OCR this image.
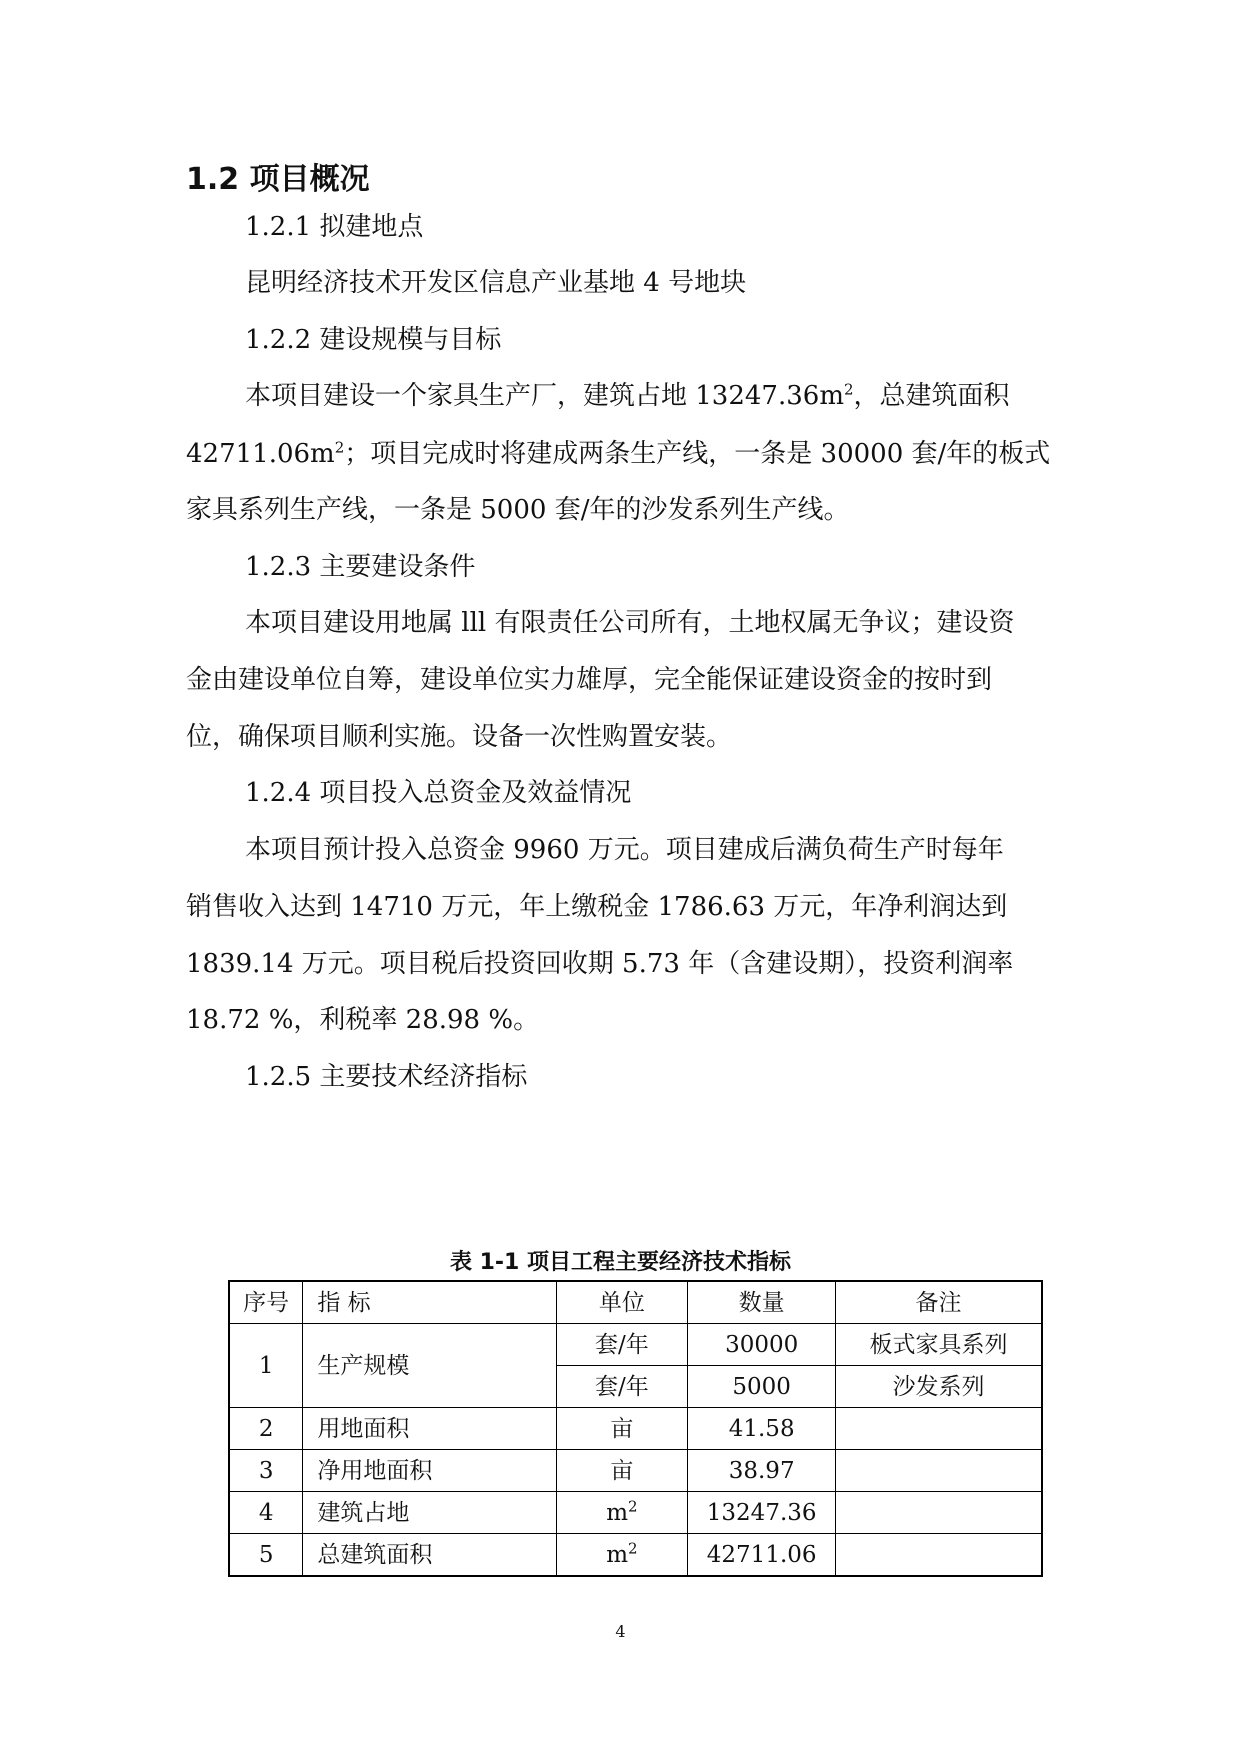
1.2 项目概况

1.2.1 拟建地点

昆明经济技术开发区信息产业基地 4 号地块

1.2.2 建设规模与目标

本项目建设一个家具生产厂，建筑占地 $13247.36m^2$，总建筑面积

$42711.06m^2$；项目完成时将建成两条生产线，一条是 30000 套/年的板式

家具系列生产线，一条是 5000 套/年的沙发系列生产线。

1.2.3 主要建设条件

本项目建设用地属 lll 有限责任公司所有，土地权属无争议；建设资

金由建设单位自筹，建设单位实力雄厚，完全能保证建设资金的按时到

位，确保项目顺利实施。设备一次性购置安装。

1.2.4 项目投入总资金及效益情况

本项目预计投入总资金 9960 万元。项目建成后满负荷生产时每年

销售收入达到 14710 万元，年上缴税金 1786.63 万元，年净利润达到

1839.14 万元。项目税后投资回收期 5.73 年（含建设期），投资利润率

18.72 %，利税率 28.98 %。

1.2.5 主要技术经济指标

表 1-1 项目工程主要经济技术指标

序号	指 标	单位	数量	备注
1	生产规模	套/年	30000	板式家具系列
		套/年	5000	沙发系列
2	用地面积	亩	41.58	
3	净用地面积	亩	38.97	
4	建筑占地	$m^2$	13247.36	
5	总建筑面积	$m^2$	42711.06	
4
